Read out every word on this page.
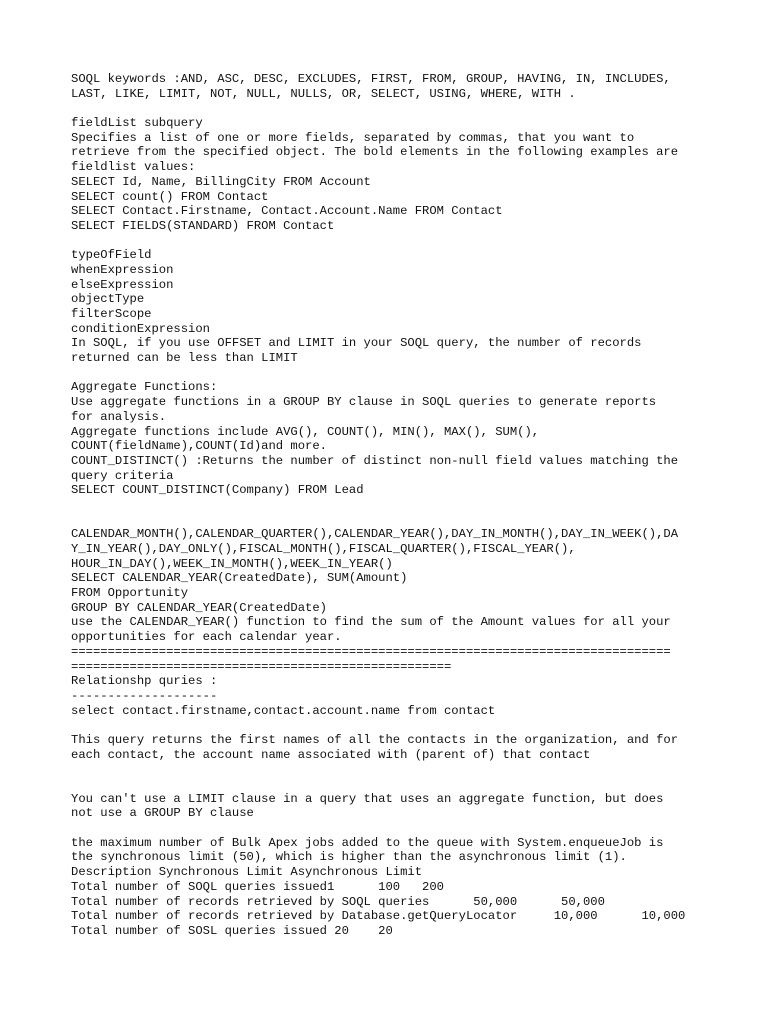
SOQL keywords :AND, ASC, DESC, EXCLUDES, FIRST, FROM, GROUP, HAVING, IN, INCLUDES,
LAST, LIKE, LIMIT, NOT, NULL, NULLS, OR, SELECT, USING, WHERE, WITH .
fieldList subquery
Specifies a list of one or more fields, separated by commas, that you want to
retrieve from the specified object. The bold elements in the following examples are
fieldlist values:
SELECT Id, Name, BillingCity FROM Account
SELECT count() FROM Contact
SELECT Contact.Firstname, Contact.Account.Name FROM Contact
SELECT FIELDS(STANDARD) FROM Contact
typeOfField
whenExpression
elseExpression
objectType
filterScope
conditionExpression
In SOQL, if you use OFFSET and LIMIT in your SOQL query, the number of records
returned can be less than LIMIT
Aggregate Functions:
Use aggregate functions in a GROUP BY clause in SOQL queries to generate reports
for analysis.
Aggregate functions include AVG(), COUNT(), MIN(), MAX(), SUM(),
COUNT(fieldName),COUNT(Id)and more.
COUNT_DISTINCT() :Returns the number of distinct non-null field values matching the
query criteria
SELECT COUNT_DISTINCT(Company) FROM Lead
CALENDAR_MONTH(),CALENDAR_QUARTER(),CALENDAR_YEAR(),DAY_IN_MONTH(),DAY_IN_WEEK(),DA
Y_IN_YEAR(),DAY_ONLY(),FISCAL_MONTH(),FISCAL_QUARTER(),FISCAL_YEAR(),
HOUR_IN_DAY(),WEEK_IN_MONTH(),WEEK_IN_YEAR()
SELECT CALENDAR_YEAR(CreatedDate), SUM(Amount)
FROM Opportunity
GROUP BY CALENDAR_YEAR(CreatedDate)
use the CALENDAR_YEAR() function to find the sum of the Amount values for all your
opportunities for each calendar year.
==================================================================================
====================================================
Relationshp quries :
--------------------
select contact.firstname,contact.account.name from contact
This query returns the first names of all the contacts in the organization, and for
each contact, the account name associated with (parent of) that contact
You can't use a LIMIT clause in a query that uses an aggregate function, but does
not use a GROUP BY clause
the maximum number of Bulk Apex jobs added to the queue with System.enqueueJob is
the synchronous limit (50), which is higher than the asynchronous limit (1).
Description Synchronous Limit Asynchronous Limit
Total number of SOQL queries issued1      100   200
Total number of records retrieved by SOQL queries      50,000      50,000
Total number of records retrieved by Database.getQueryLocator     10,000      10,000
Total number of SOSL queries issued 20    20
